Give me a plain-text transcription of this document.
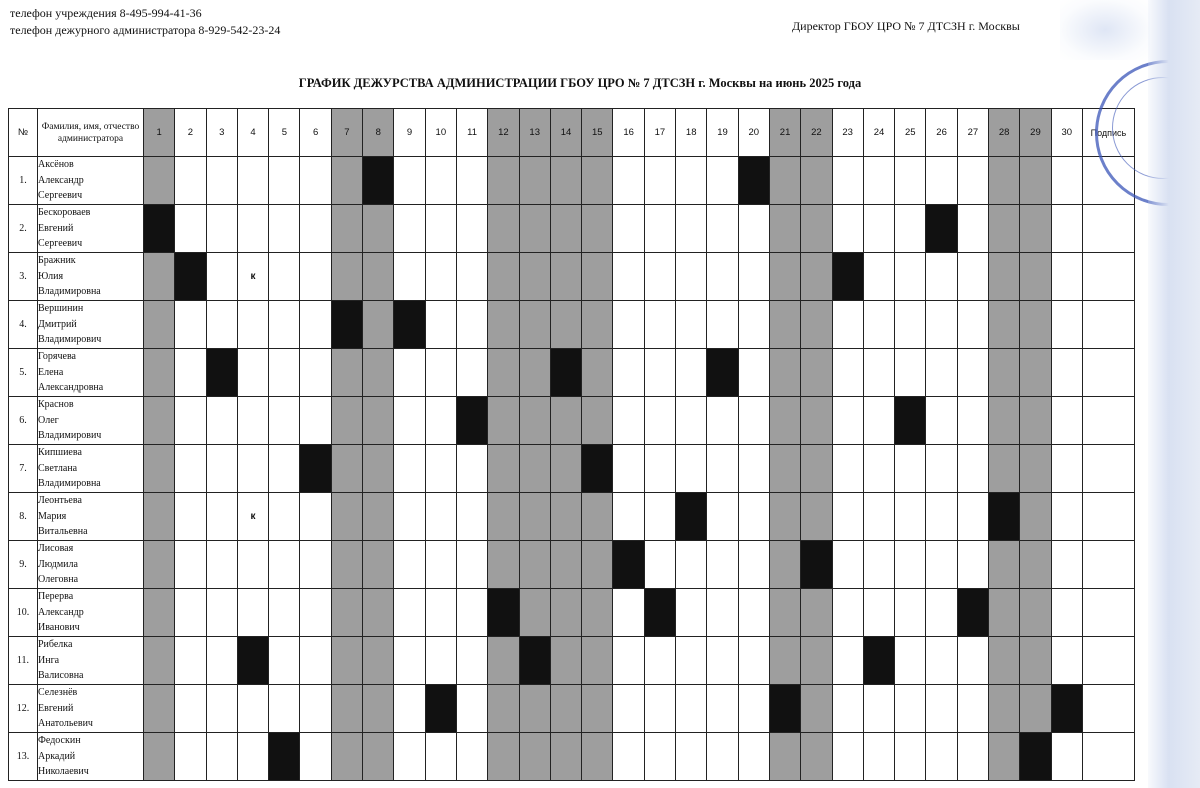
телефон учреждения 8-495-994-41-36
телефон дежурного администратора 8-929-542-23-24	Директор ГБОУ ЦРО № 7 ДТСЗН г. Москвы
ГРАФИК ДЕЖУРСТВА АДМИНИСТРАЦИИ ГБОУ ЦРО № 7 ДТСЗН г. Москвы на июнь 2025 года
№	Фамилия, имя, отчество администратора	1	2	3	4	5	6	7	8	9	10	11	12	13	14	15	16	17	18	19	20	21	22	23	24	25	26	27	28	29	30	Подпись
1.	Аксёнов
Александр
Сергеевич																															

2.	Бескороваев
Евгений
Сергеевич																															

3.	Бражник
Юлия
Владимировна				к																											
4.	Вершинин
Дмитрий
Владимирович																															

5.	Горячева
Елена
Александровна																															

6.	Краснов
Олег
Владимирович																															

7.	Кипшиева
Светлана
Владимировна																															

8.	Леонтьева
Мария
Витальевна				к																											
9.	Лисовая
Людмила
Олеговна																															

10.	Перерва
Александр
Иванович																															

11.	Рибелка
Инга
Валисовна																															

12.	Селезнёв
Евгений
Анатольевич																															

13.	Федоскин
Аркадий
Николаевич																															
